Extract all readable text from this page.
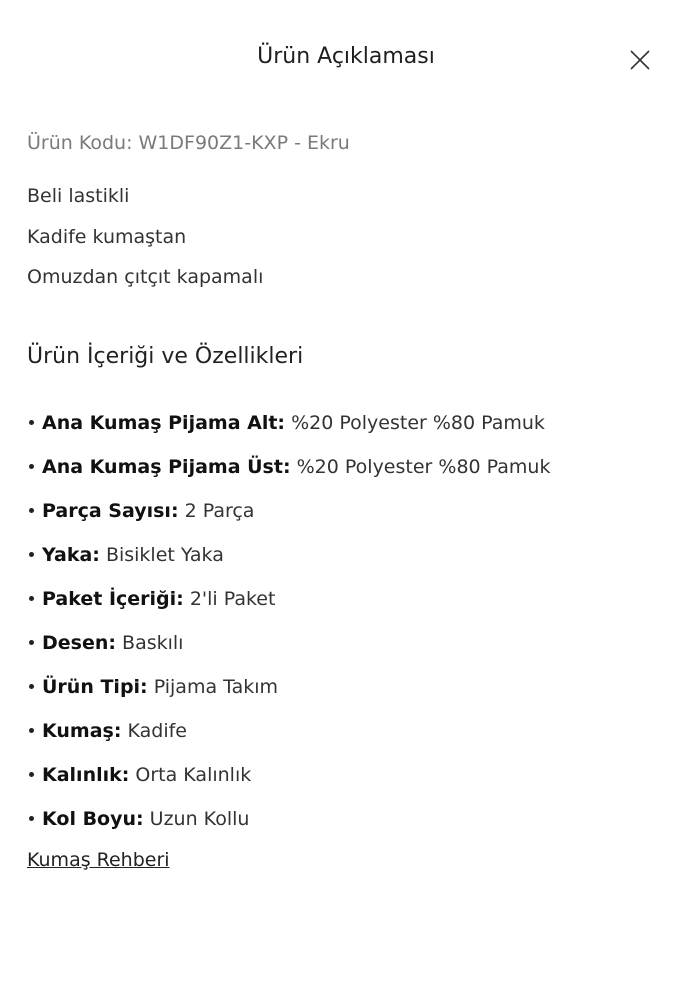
Ürün Açıklaması
Ürün Kodu: W1DF90Z1-KXP - Ekru
Beli lastikli
Kadife kumaştan
Omuzdan çıtçıt kapamalı
Ürün İçeriği ve Özellikleri
Ana Kumaş Pijama Alt: %20 Polyester %80 Pamuk
Ana Kumaş Pijama Üst: %20 Polyester %80 Pamuk
Parça Sayısı: 2 Parça
Yaka: Bisiklet Yaka
Paket İçeriği: 2'li Paket
Desen: Baskılı
Ürün Tipi: Pijama Takım
Kumaş: Kadife
Kalınlık: Orta Kalınlık
Kol Boyu: Uzun Kollu
Kumaş Rehberi
